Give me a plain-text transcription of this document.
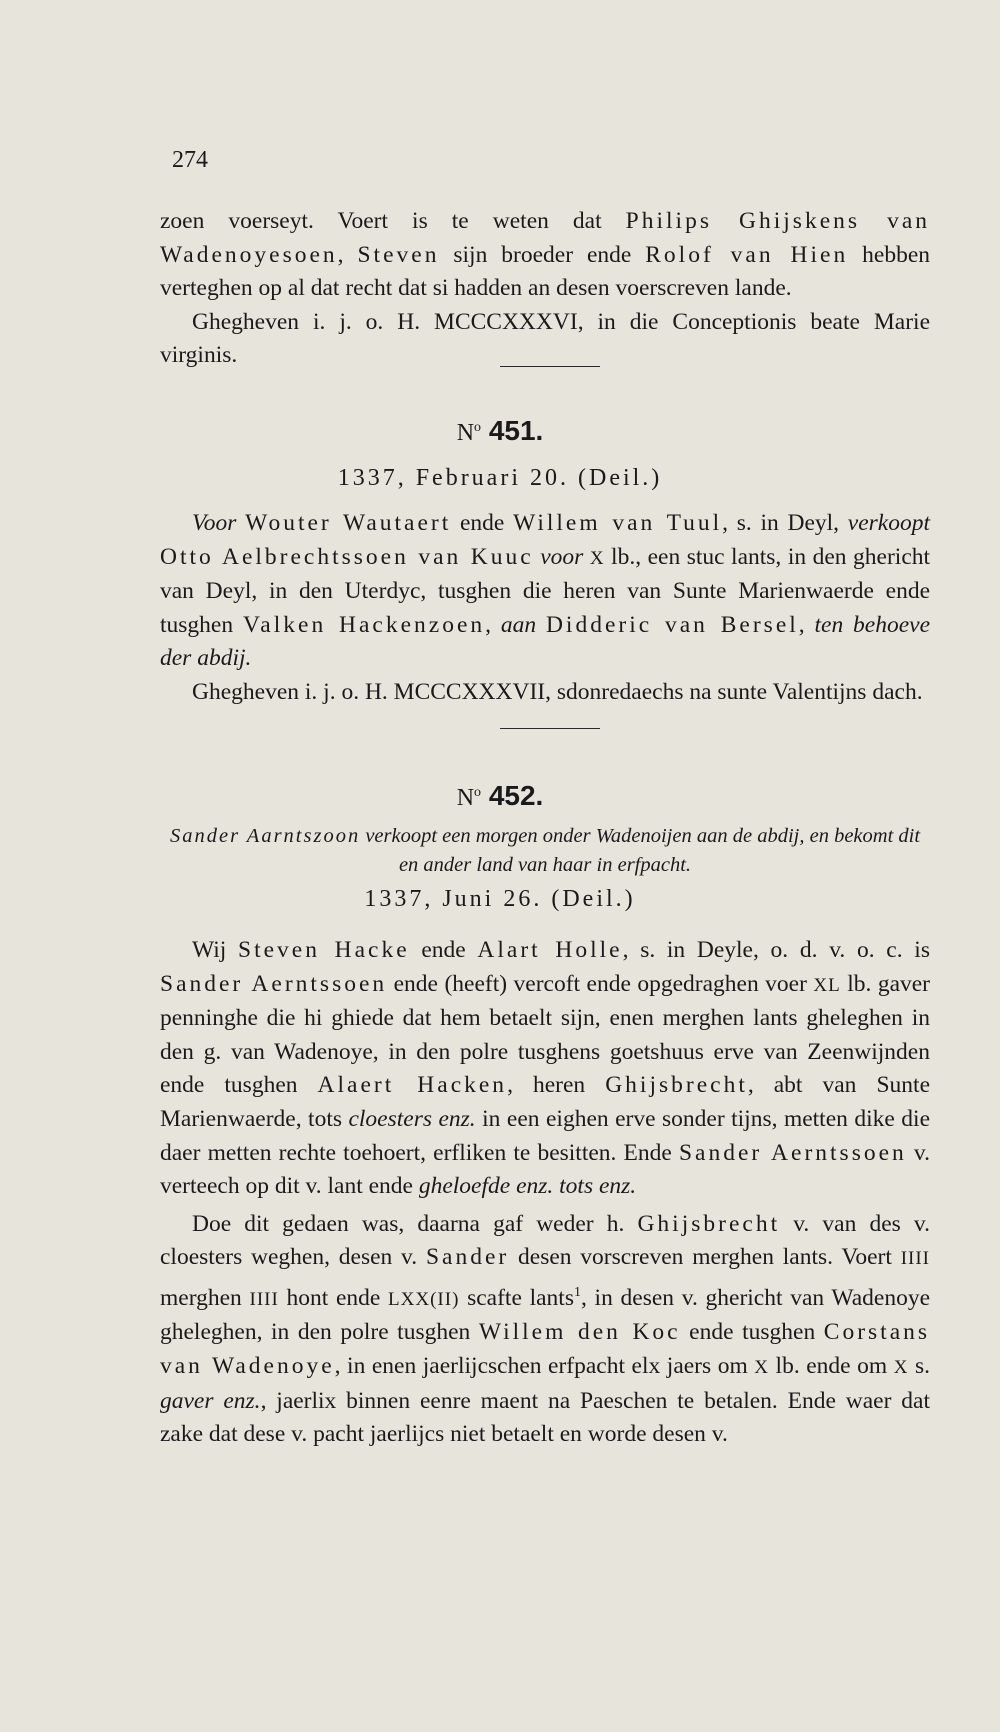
274

zoen voerseyt. Voert is te weten dat Philips Ghijskens van Wadenoyesoen, Steven sijn broeder ende Rolof van Hien hebben verteghen op al dat recht dat si hadden an desen voerscreven lande.

Ghegheven i. j. o. H. MCCCXXXVI, in die Conceptionis beate Marie virginis.

$N^o$ 451.
1337, Februari 20. (Deil.)

Voor Wouter Wautaert ende Willem van Tuul, s. in Deyl, verkoopt Otto Aelbrechtssoen van Kuuc voor X lb., een stuc lants, in den ghericht van Deyl, in den Uterdyc, tusghen die heren van Sunte Marienwaerde ende tusghen Valken Hackenzoen, aan Didderic van Bersel, ten behoeve der abdij.

Ghegheven i. j. o. H. MCCCXXXVII, sdonredaechs na sunte Valentijns dach.

$N^o$ 452.
Sander Aarntszoon verkoopt een morgen onder Wadenoijen aan de abdij, en bekomt dit en ander land van haar in erfpacht.
1337, Juni 26. (Deil.)

Wij Steven Hacke ende Alart Holle, s. in Deyle, o. d. v. o. c. is Sander Aerntssoen ende (heeft) vercoft ende opgedraghen voer XL lb. gaver penninghe die hi ghiede dat hem betaelt sijn, enen merghen lants gheleghen in den g. van Wadenoye, in den polre tusghens goetshuus erve van Zeenwijnden ende tusghen Alaert Hacken, heren Ghijsbrecht, abt van Sunte Marienwaerde, tots cloesters enz. in een eighen erve sonder tijns, metten dike die daer metten rechte toehoert, erfliken te besitten. Ende Sander Aerntssoen v. verteech op dit v. lant ende gheloefde enz. tots enz.

Doe dit gedaen was, daarna gaf weder h. Ghijsbrecht v. van des v. cloesters weghen, desen v. Sander desen vorscreven merghen lants. Voert IIII merghen IIII hont ende LXX(II) scafte lants$^1$, in desen v. ghericht van Wadenoye gheleghen, in den polre tusghen Willem den Koc ende tusghen Corstans van Wadenoye, in enen jaerlijcschen erfpacht elx jaers om X lb. ende om X s. gaver enz., jaerlix binnen eenre maent na Paeschen te betalen. Ende waer dat zake dat dese v. pacht jaerlijcs niet betaelt en worde desen v.
